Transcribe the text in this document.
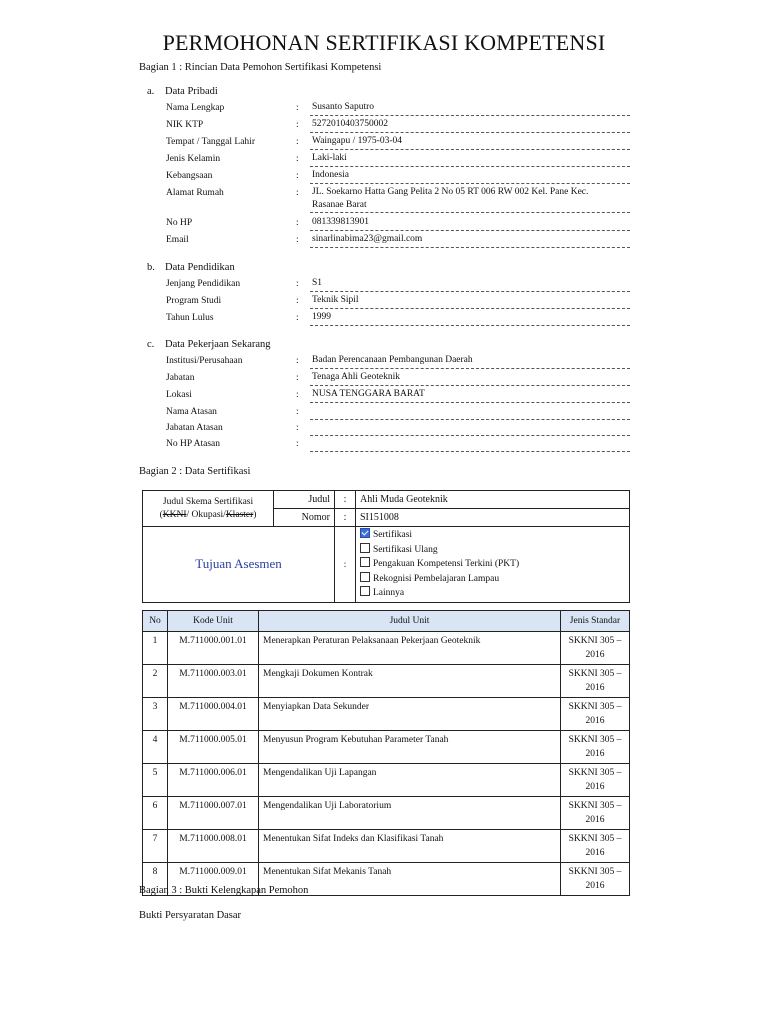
PERMOHONAN SERTIFIKASI KOMPETENSI
Bagian 1 : Rincian Data Pemohon Sertifikasi Kompetensi
a. Data Pribadi
Nama Lengkap	: Susanto Saputro
NIK KTP	: 5272010403750002
Tempat / Tanggal Lahir	: Waingapu / 1975-03-04
Jenis Kelamin	: Laki-laki
Kebangsaan	: Indonesia
Alamat Rumah	: JL. Soekarno Hatta Gang Pelita 2 No 05 RT 006 RW 002 Kel. Pane Kec.
Rasanae Barat
No HP	: 081339813901
Email	: sinarlinabima23@gmail.com
b. Data Pendidikan
Jenjang Pendidikan	: S1
Program Studi	: Teknik Sipil
Tahun Lulus	: 1999
c. Data Pekerjaan Sekarang
Institusi/Perusahaan	: Badan Perencanaan Pembangunan Daerah
Jabatan	: Tenaga Ahli Geoteknik
Lokasi	: NUSA TENGGARA BARAT
Nama Atasan	:
Jabatan Atasan	:
No HP Atasan	:
Bagian 2 : Data Sertifikasi
Judul Skema Sertifikasi
(KKNI/ Okupasi/Klaster)	Judul	:	Ahli Muda Geoteknik
	Nomor	:	SI151008
Tujuan Asesmen		:	Sertifikasi
Sertifikasi Ulang
Pengakuan Kompetensi Terkini (PKT)
Rekognisi Pembelajaran Lampau
Lainnya
No	Kode Unit	Judul Unit	Jenis Standar
1	M.711000.001.01	Menerapkan Peraturan Pelaksanaan Pekerjaan Geoteknik	SKKNI 305 –
2016
2	M.711000.003.01	Mengkaji Dokumen Kontrak	SKKNI 305 –
2016
3	M.711000.004.01	Menyiapkan Data Sekunder	SKKNI 305 –
2016
4	M.711000.005.01	Menyusun Program Kebutuhan Parameter Tanah	SKKNI 305 –
2016
5	M.711000.006.01	Mengendalikan Uji Lapangan	SKKNI 305 –
2016
6	M.711000.007.01	Mengendalikan Uji Laboratorium	SKKNI 305 –
2016
7	M.711000.008.01	Menentukan Sifat Indeks dan Klasifikasi Tanah	SKKNI 305 –
2016
8	M.711000.009.01	Menentukan Sifat Mekanis Tanah	SKKNI 305 –
2016
Bagian 3 : Bukti Kelengkapan Pemohon
Bukti Persyaratan Dasar
